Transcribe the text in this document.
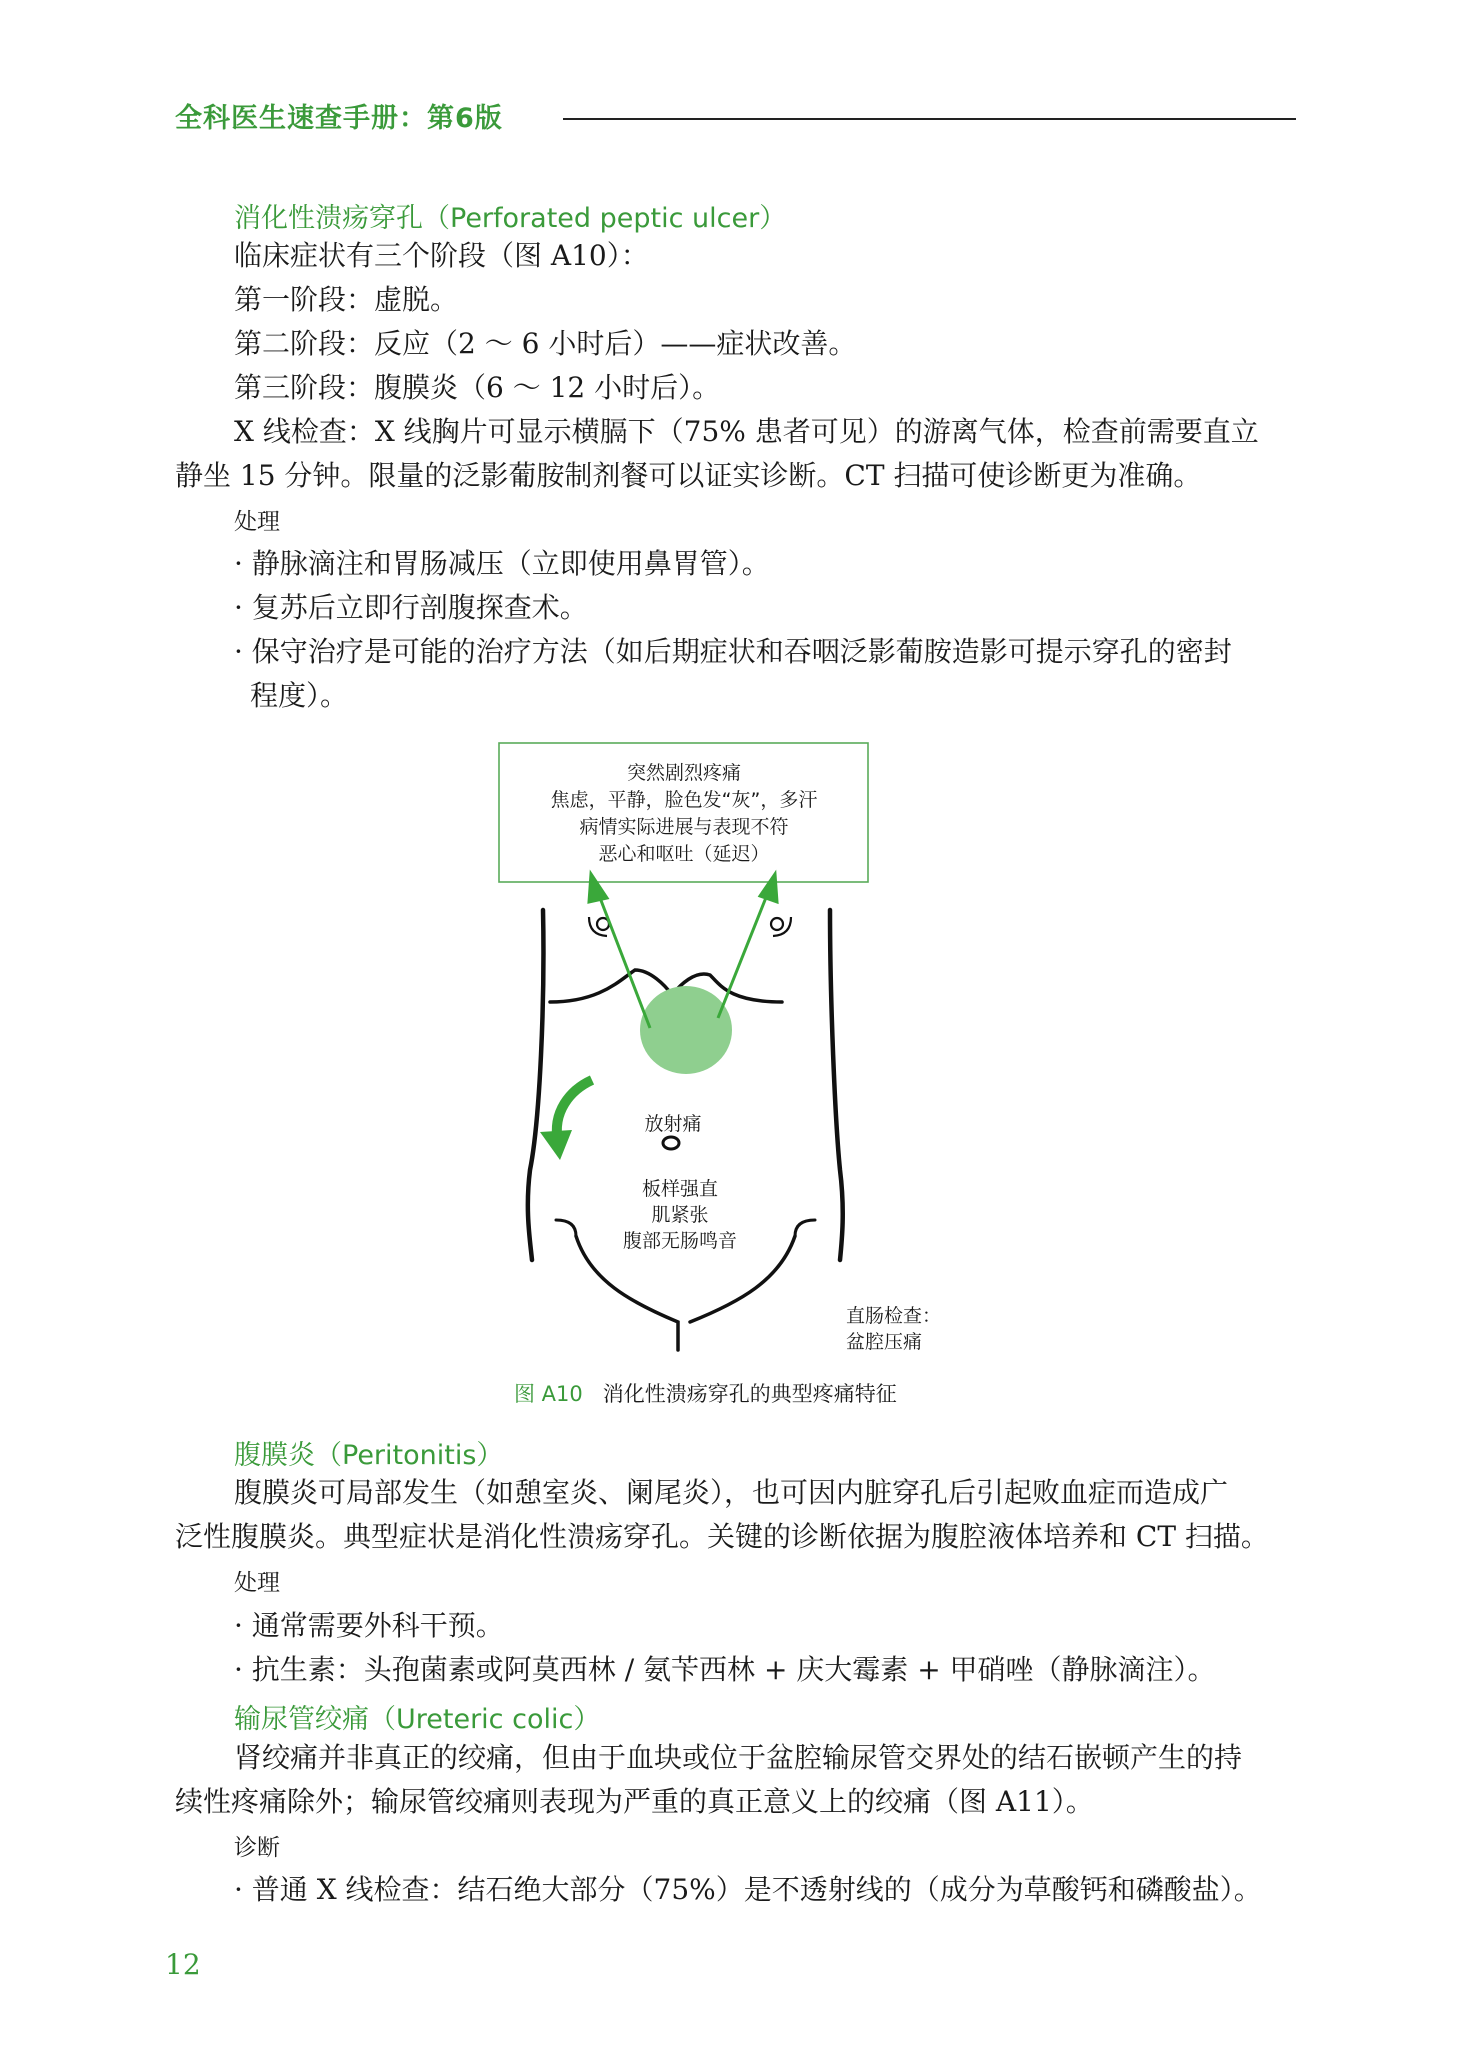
全科医生速查手册：第6版
消化性溃疡穿孔（Perforated peptic ulcer）
临床症状有三个阶段（图 A10）：
第一阶段：虚脱。
第二阶段：反应（2 ～ 6 小时后）——症状改善。
第三阶段：腹膜炎（6 ～ 12 小时后）。
X 线检查：X 线胸片可显示横膈下（75% 患者可见）的游离气体，检查前需要直立
静坐 15 分钟。限量的泛影葡胺制剂餐可以证实诊断。CT 扫描可使诊断更为准确。
处理
· 静脉滴注和胃肠减压（立即使用鼻胃管）。
· 复苏后立即行剖腹探查术。
· 保守治疗是可能的治疗方法（如后期症状和吞咽泛影葡胺造影可提示穿孔的密封
程度）。
突然剧烈疼痛
焦虑，平静，脸色发“灰”，多汗
病情实际进展与表现不符
恶心和呕吐（延迟）
放射痛
板样强直
肌紧张
腹部无肠鸣音
直肠检查：
盆腔压痛
图 A10 消化性溃疡穿孔的典型疼痛特征
腹膜炎（Peritonitis）
腹膜炎可局部发生（如憩室炎、阑尾炎），也可因内脏穿孔后引起败血症而造成广
泛性腹膜炎。典型症状是消化性溃疡穿孔。关键的诊断依据为腹腔液体培养和 CT 扫描。
处理
· 通常需要外科干预。
· 抗生素：头孢菌素或阿莫西林 / 氨苄西林 + 庆大霉素 + 甲硝唑（静脉滴注）。
输尿管绞痛（Ureteric colic）
肾绞痛并非真正的绞痛，但由于血块或位于盆腔输尿管交界处的结石嵌顿产生的持
续性疼痛除外；输尿管绞痛则表现为严重的真正意义上的绞痛（图 A11）。
诊断
· 普通 X 线检查：结石绝大部分（75%）是不透射线的（成分为草酸钙和磷酸盐）。
12
